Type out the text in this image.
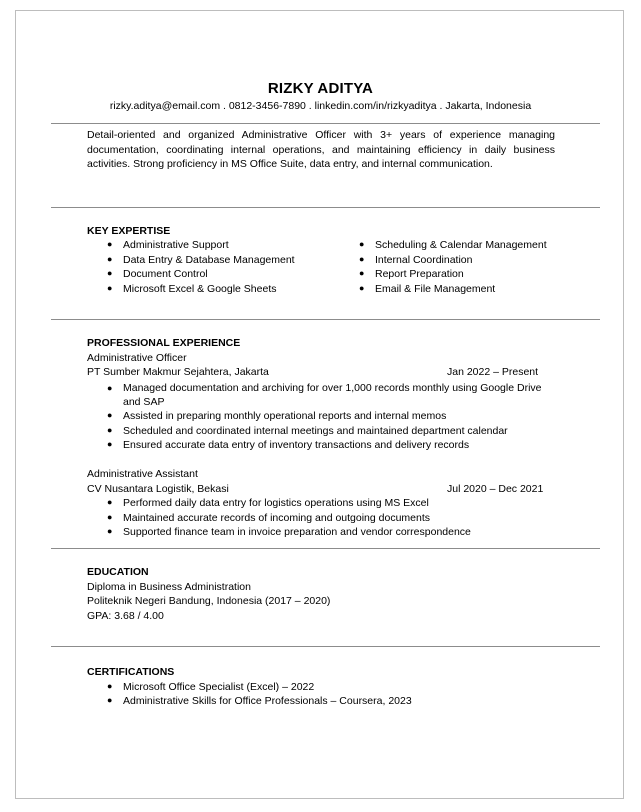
RIZKY ADITYA
rizky.aditya@email.com . 0812-3456-7890 . linkedin.com/in/rizkyaditya . Jakarta, Indonesia
Detail-oriented and organized Administrative Officer with 3+ years of experience managing documentation, coordinating internal operations, and maintaining efficiency in daily business activities. Strong proficiency in MS Office Suite, data entry, and internal communication.
KEY EXPERTISE
● Administrative Support
● Data Entry & Database Management
● Document Control
● Microsoft Excel & Google Sheets
● Scheduling & Calendar Management
● Internal Coordination
● Report Preparation
● Email & File Management
PROFESSIONAL EXPERIENCE
Administrative Officer
PT Sumber Makmur Sejahtera, Jakarta	Jan 2022 – Present
● Managed documentation and archiving for over 1,000 records monthly using Google Drive and SAP
● Assisted in preparing monthly operational reports and internal memos
● Scheduled and coordinated internal meetings and maintained department calendar
● Ensured accurate data entry of inventory transactions and delivery records
Administrative Assistant
CV Nusantara Logistik, Bekasi	Jul 2020 – Dec 2021
● Performed daily data entry for logistics operations using MS Excel
● Maintained accurate records of incoming and outgoing documents
● Supported finance team in invoice preparation and vendor correspondence
EDUCATION
Diploma in Business Administration
Politeknik Negeri Bandung, Indonesia (2017 – 2020)
GPA: 3.68 / 4.00
CERTIFICATIONS
● Microsoft Office Specialist (Excel) – 2022
● Administrative Skills for Office Professionals – Coursera, 2023
